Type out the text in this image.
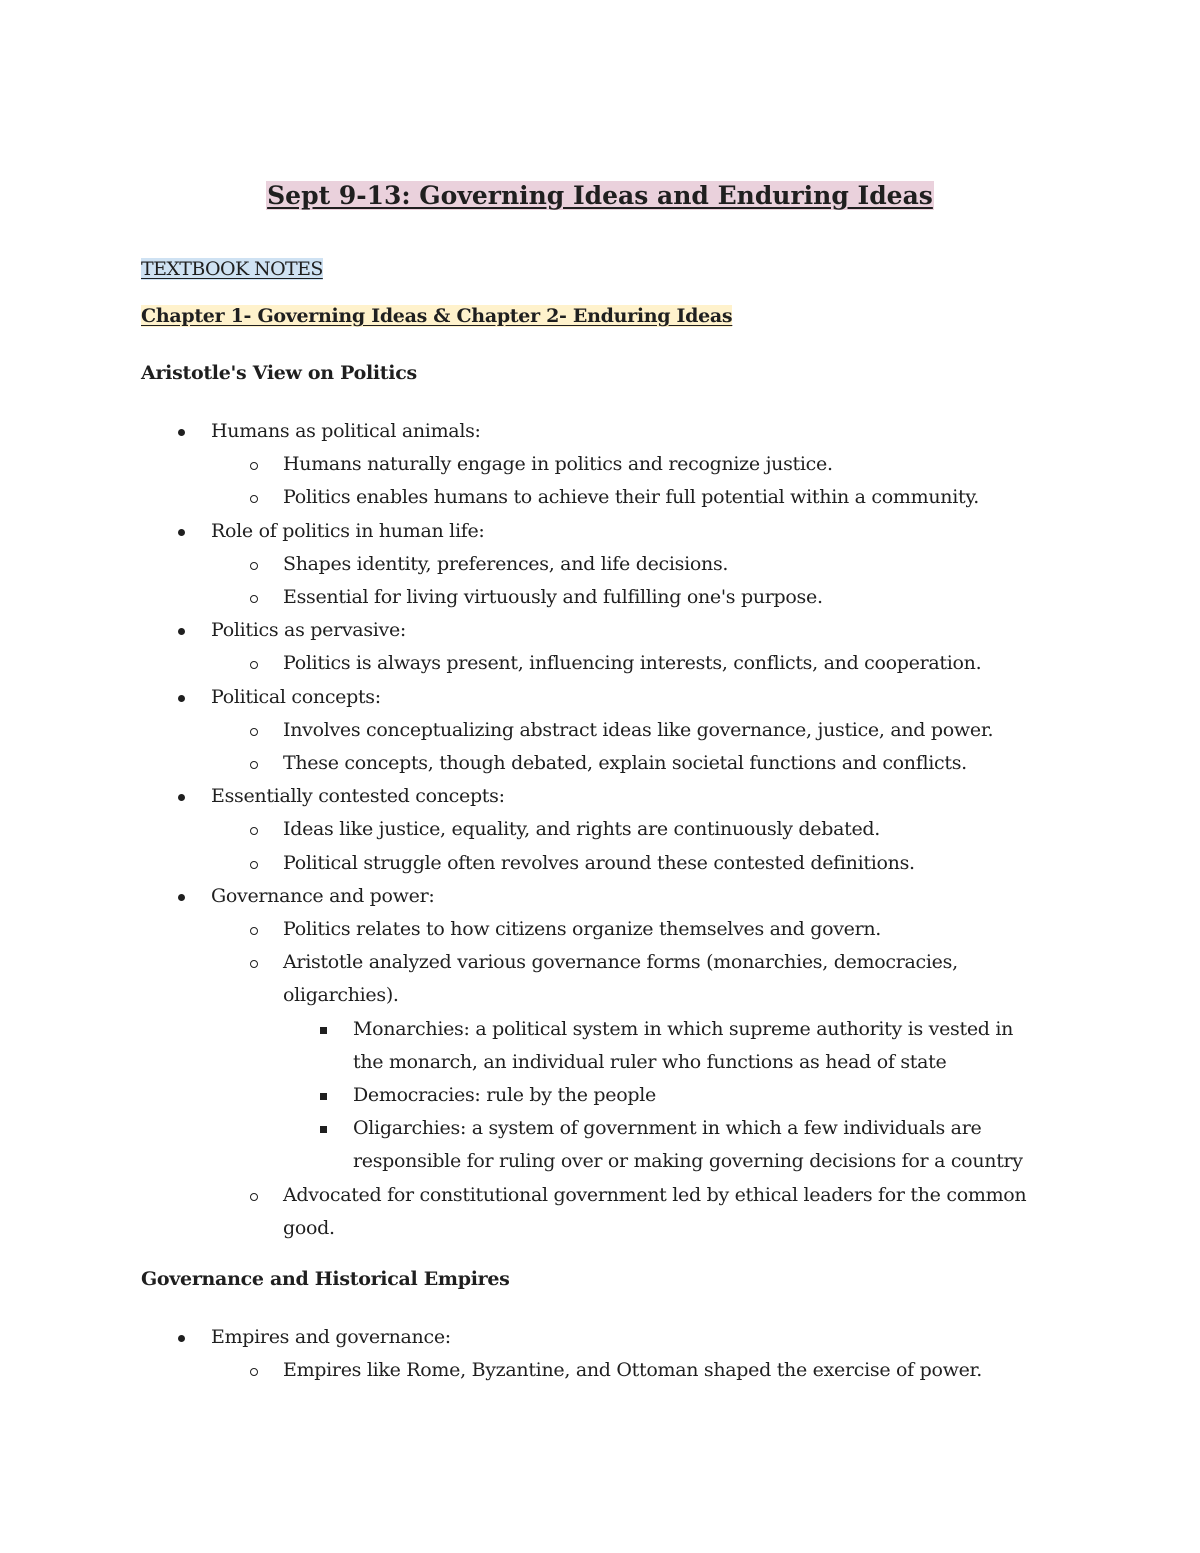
Sept 9-13: Governing Ideas and Enduring Ideas
TEXTBOOK NOTES
Chapter 1- Governing Ideas & Chapter 2- Enduring Ideas
Aristotle's View on Politics
Humans as political animals:
Humans naturally engage in politics and recognize justice.
Politics enables humans to achieve their full potential within a community.
Role of politics in human life:
Shapes identity, preferences, and life decisions.
Essential for living virtuously and fulfilling one's purpose.
Politics as pervasive:
Politics is always present, influencing interests, conflicts, and cooperation.
Political concepts:
Involves conceptualizing abstract ideas like governance, justice, and power.
These concepts, though debated, explain societal functions and conflicts.
Essentially contested concepts:
Ideas like justice, equality, and rights are continuously debated.
Political struggle often revolves around these contested definitions.
Governance and power:
Politics relates to how citizens organize themselves and govern.
Aristotle analyzed various governance forms (monarchies, democracies,
oligarchies).
Monarchies: a political system in which supreme authority is vested in
the monarch, an individual ruler who functions as head of state
Democracies: rule by the people
Oligarchies: a system of government in which a few individuals are
responsible for ruling over or making governing decisions for a country
Advocated for constitutional government led by ethical leaders for the common
good.
Governance and Historical Empires
Empires and governance:
Empires like Rome, Byzantine, and Ottoman shaped the exercise of power.
